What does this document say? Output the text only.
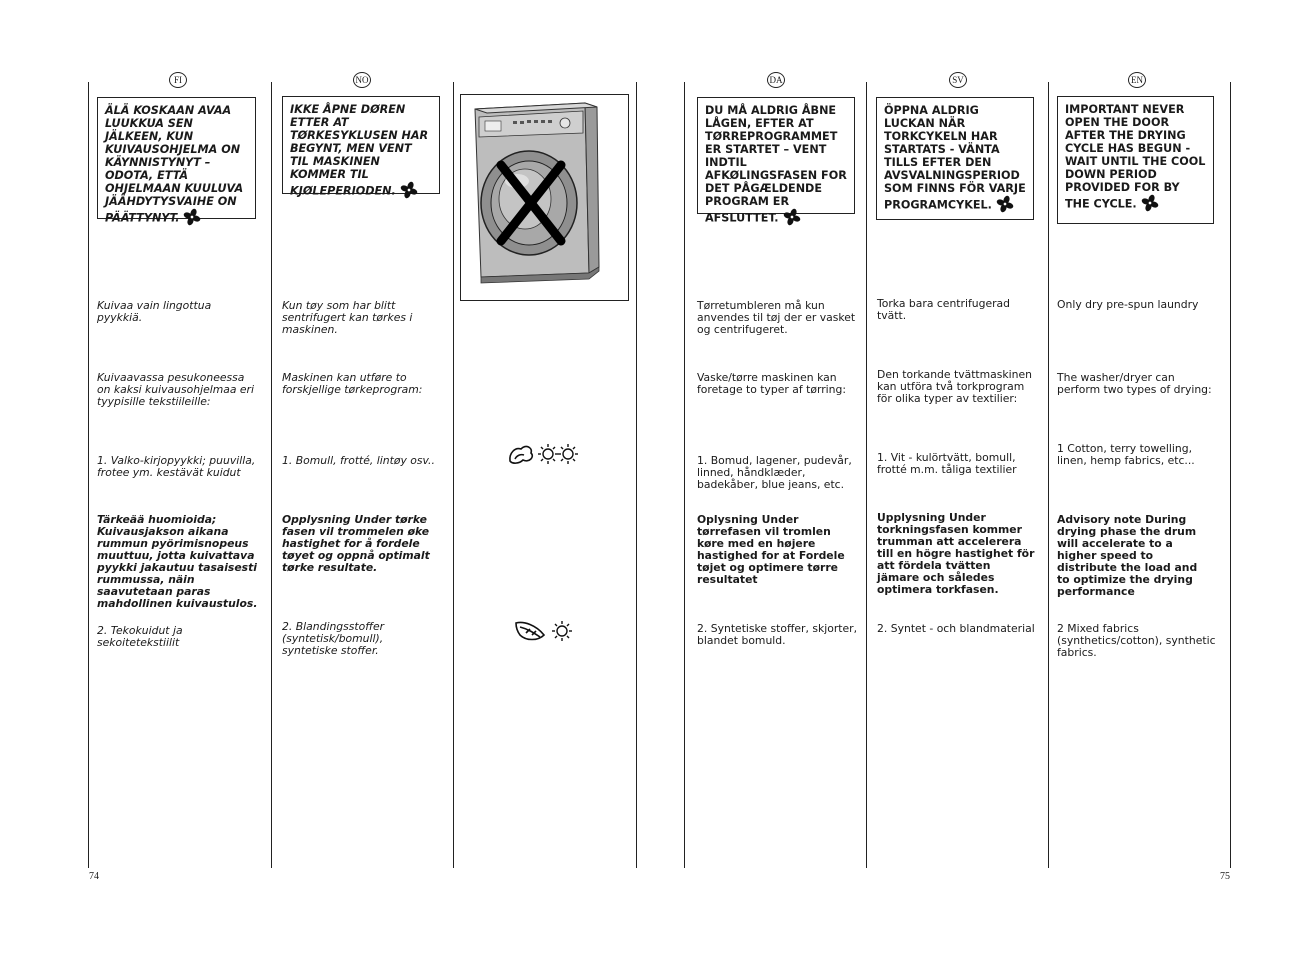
FI	NO	DA	SV	EN
ÄLÄ KOSKAAN AVAA LUUKKUA SEN JÄLKEEN, KUN KUIVAUSOHJELMA ON KÄYNNISTYNYT – ODOTA, ETTÄ OHJELMAAN KUULUVA JÄÄHDYTYSVAIHE ON PÄÄTTYNYT.
Kuivaa vain lingottua pyykkiä.
Kuivaavassa pesukoneessa on kaksi kuivausohjelmaa eri tyypisille tekstiileille:
1. Valko-kirjopyykki; puuvilla, frotee ym. kestävät kuidut
Tärkeää huomioida; Kuivausjakson aikana rummun pyörimisnopeus muuttuu, jotta kuivattava pyykki jakautuu tasaisesti rummussa, näin saavutetaan paras mahdollinen kuivaustulos.
2. Tekokuidut ja sekoitetekstiilit
IKKE ÅPNE DØREN ETTER AT TØRKESYKLUSEN HAR BEGYNT, MEN VENT TIL MASKINEN KOMMER TIL KJØLEPERIODEN.
Kun tøy som har blitt sentrifugert kan tørkes i maskinen.
Maskinen kan utføre to forskjellige tørkeprogram:
1. Bomull, frotté, lintøy osv..
Opplysning Under tørke fasen vil trommelen øke hastighet for å fordele tøyet og oppnå optimalt tørke resultate.
2. Blandingsstoffer (syntetisk/bomull), syntetiske stoffer.
DU MÅ ALDRIG ÅBNE LÅGEN, EFTER AT TØRREPROGRAMMET ER STARTET – VENT INDTIL AFKØLINGSFASEN FOR DET PÅGÆLDENDE PROGRAM ER AFSLUTTET.
Tørretumbleren må kun anvendes til tøj der er vasket og centrifugeret.
Vaske/tørre maskinen kan foretage to typer af tørring:
1. Bomud, lagener, pudevår, linned, håndklæder, badekåber, blue jeans, etc.
Oplysning Under tørrefasen vil tromlen køre med en højere hastighed for at Fordele tøjet og optimere tørre resultatet
2. Syntetiske stoffer, skjorter, blandet bomuld.
ÖPPNA ALDRIG LUCKAN NÄR TORKCYKELN HAR STARTATS - VÄNTA TILLS EFTER DEN AVSVALNINGSPERIOD SOM FINNS FÖR VARJE PROGRAMCYKEL.
Torka bara centrifugerad tvätt.
Den torkande tvättmaskinen kan utföra två torkprogram för olika typer av textilier:
1. Vit - kulörtvätt, bomull, frotté m.m. tåliga textilier
Upplysning Under torkningsfasen kommer trumman att accelerera till en högre hastighet för att fördela tvätten jämare och således optimera torkfasen.
2. Syntet - och blandmaterial
IMPORTANT NEVER OPEN THE DOOR AFTER THE DRYING CYCLE HAS BEGUN - WAIT UNTIL THE COOL DOWN PERIOD PROVIDED FOR BY THE CYCLE.
Only dry pre-spun laundry
The washer/dryer can perform two types of drying:
1 Cotton, terry towelling, linen, hemp fabrics, etc...
Advisory note During drying phase the drum will accelerate to a higher speed to distribute the load and to optimize the drying performance
2 Mixed fabrics (synthetics/cotton), synthetic fabrics.
74	75
